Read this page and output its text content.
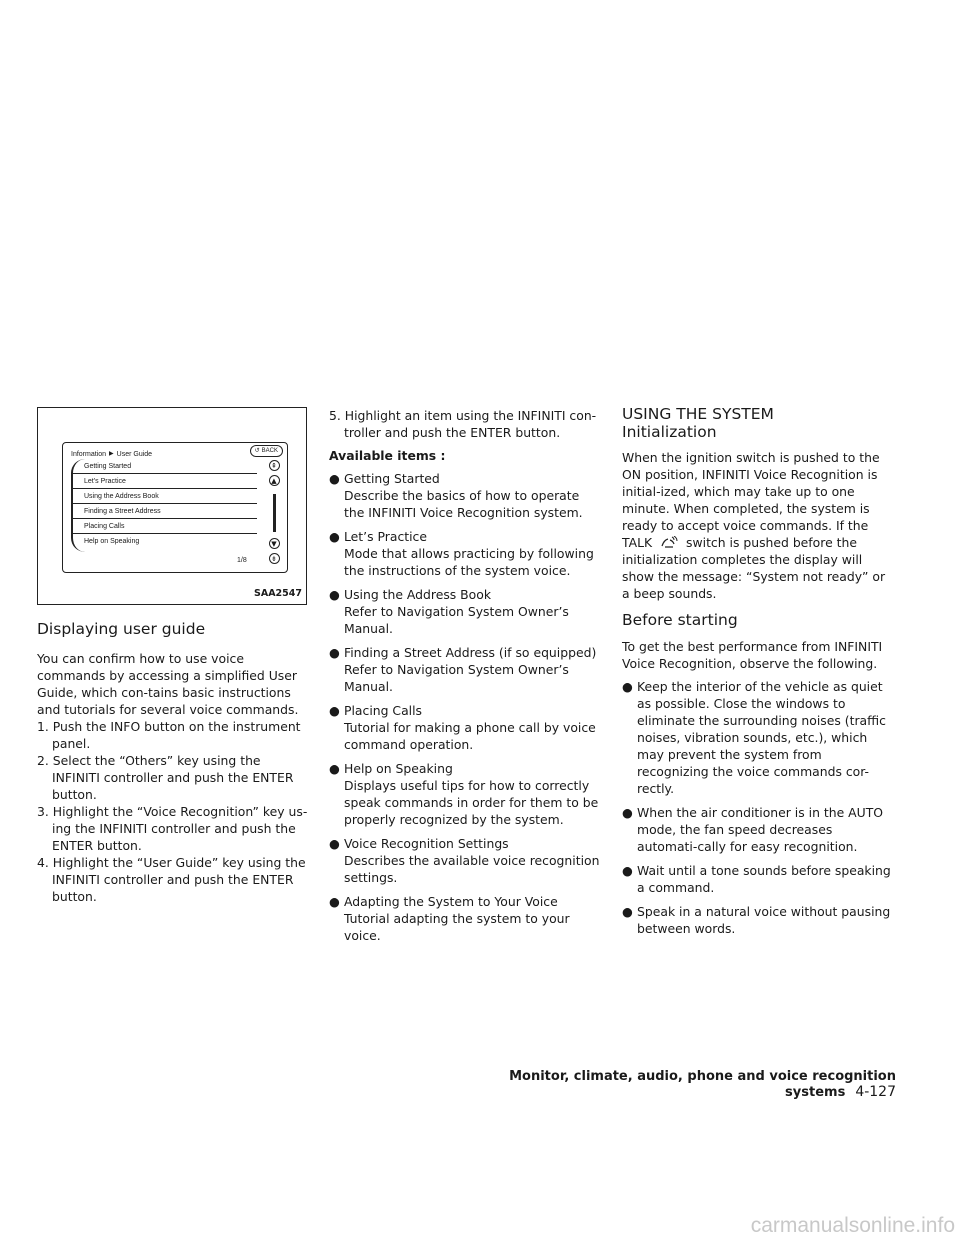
Information ▶ User Guide	↺ BACK
Getting Started
Let’s Practice
Using the Address Book
Finding a Street Address
Placing Calls
Help on Speaking
⇞
▲
▼
⇟
1/8
SAA2547
Displaying user guide

You can confirm how to use voice commands by accessing a simplified User Guide, which con-tains basic instructions and tutorials for several voice commands.

1. Push the INFO button on the instrument panel.
2. Select the “Others” key using the INFINITI controller and push the ENTER button.
3. Highlight the “Voice Recognition” key us-ing the INFINITI controller and push the ENTER button.
4. Highlight the “User Guide” key using the INFINITI controller and push the ENTER button.
5. Highlight an item using the INFINITI con-troller and push the ENTER button.

Available items :

● Getting Started
Describe the basics of how to operate the INFINITI Voice Recognition system.
● Let’s Practice
Mode that allows practicing by following the instructions of the system voice.
● Using the Address Book
Refer to Navigation System Owner’s Manual.
● Finding a Street Address (if so equipped)
Refer to Navigation System Owner’s Manual.
● Placing Calls
Tutorial for making a phone call by voice command operation.
● Help on Speaking
Displays useful tips for how to correctly speak commands in order for them to be properly recognized by the system.
● Voice Recognition Settings
Describes the available voice recognition settings.
● Adapting the System to Your Voice
Tutorial adapting the system to your voice.
USING THE SYSTEM
Initialization

When the ignition switch is pushed to the ON position, INFINITI Voice Recognition is initial-ized, which may take up to one minute. When completed, the system is ready to accept voice commands. If the TALK	switch is pushed before the initialization completes the display will show the message: “System not ready” or a beep sounds.

Before starting

To get the best performance from INFINITI Voice Recognition, observe the following.

● Keep the interior of the vehicle as quiet as possible. Close the windows to eliminate the surrounding noises (traffic noises, vibration sounds, etc.), which may prevent the system from recognizing the voice commands cor-rectly.
● When the air conditioner is in the AUTO mode, the fan speed decreases automati-cally for easy recognition.
● Wait until a tone sounds before speaking a command.
● Speak in a natural voice without pausing between words.
Monitor, climate, audio, phone and voice recognition systems 4-127
carmanualsonline.info
